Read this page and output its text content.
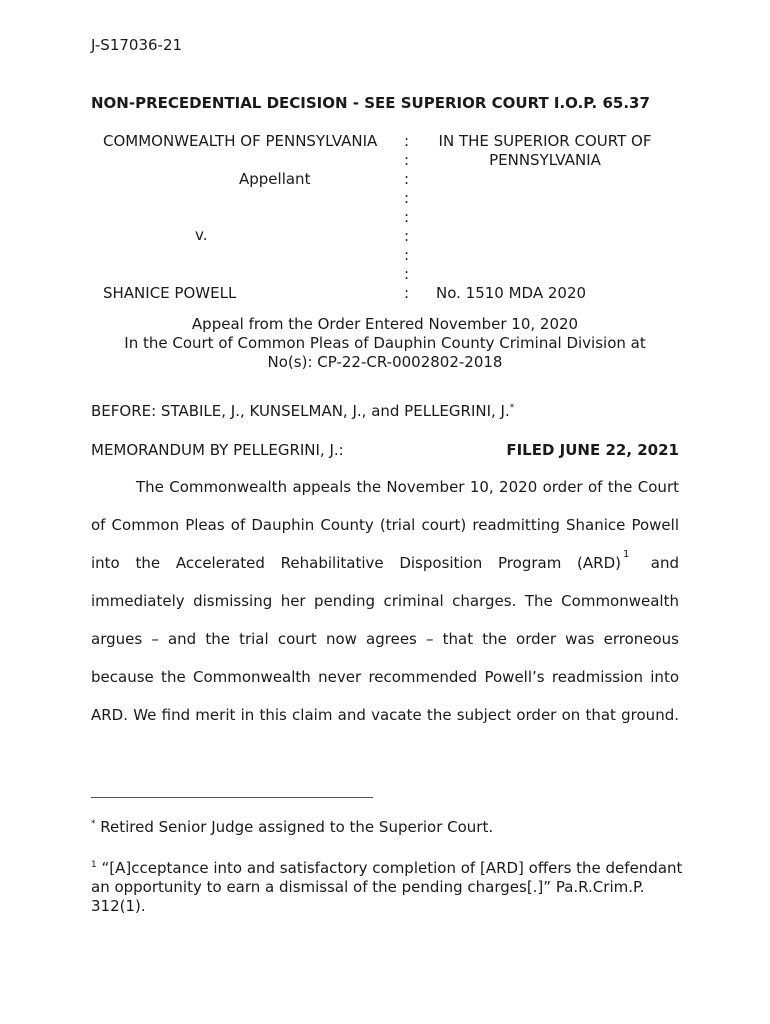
J-S17036-21
NON-PRECEDENTIAL DECISION - SEE SUPERIOR COURT I.O.P. 65.37
COMMONWEALTH OF PENNSYLVANIA
Appellant
v.
SHANICE POWELL
:
:
:
:
:
:
:
:
:
IN THE SUPERIOR COURT OF
PENNSYLVANIA
No. 1510 MDA 2020
Appeal from the Order Entered November 10, 2020
In the Court of Common Pleas of Dauphin County Criminal Division at
No(s): CP-22-CR-0002802-2018
BEFORE: STABILE, J., KUNSELMAN, J., and PELLEGRINI, J.*
MEMORANDUM BY PELLEGRINI, J.:	FILED JUNE 22, 2021
The Commonwealth appeals the November 10, 2020 order of the Court
of Common Pleas of Dauphin County (trial court) readmitting Shanice Powell
into the Accelerated Rehabilitative Disposition Program (ARD) 1 and
immediately dismissing her pending criminal charges. The Commonwealth
argues – and the trial court now agrees – that the order was erroneous
because the Commonwealth never recommended Powell’s readmission into
ARD. We find merit in this claim and vacate the subject order on that ground.
* Retired Senior Judge assigned to the Superior Court.
$^1$ “[A]cceptance into and satisfactory completion of [ARD] offers the defendant
an opportunity to earn a dismissal of the pending charges[.]” Pa.R.Crim.P.
312(1).
